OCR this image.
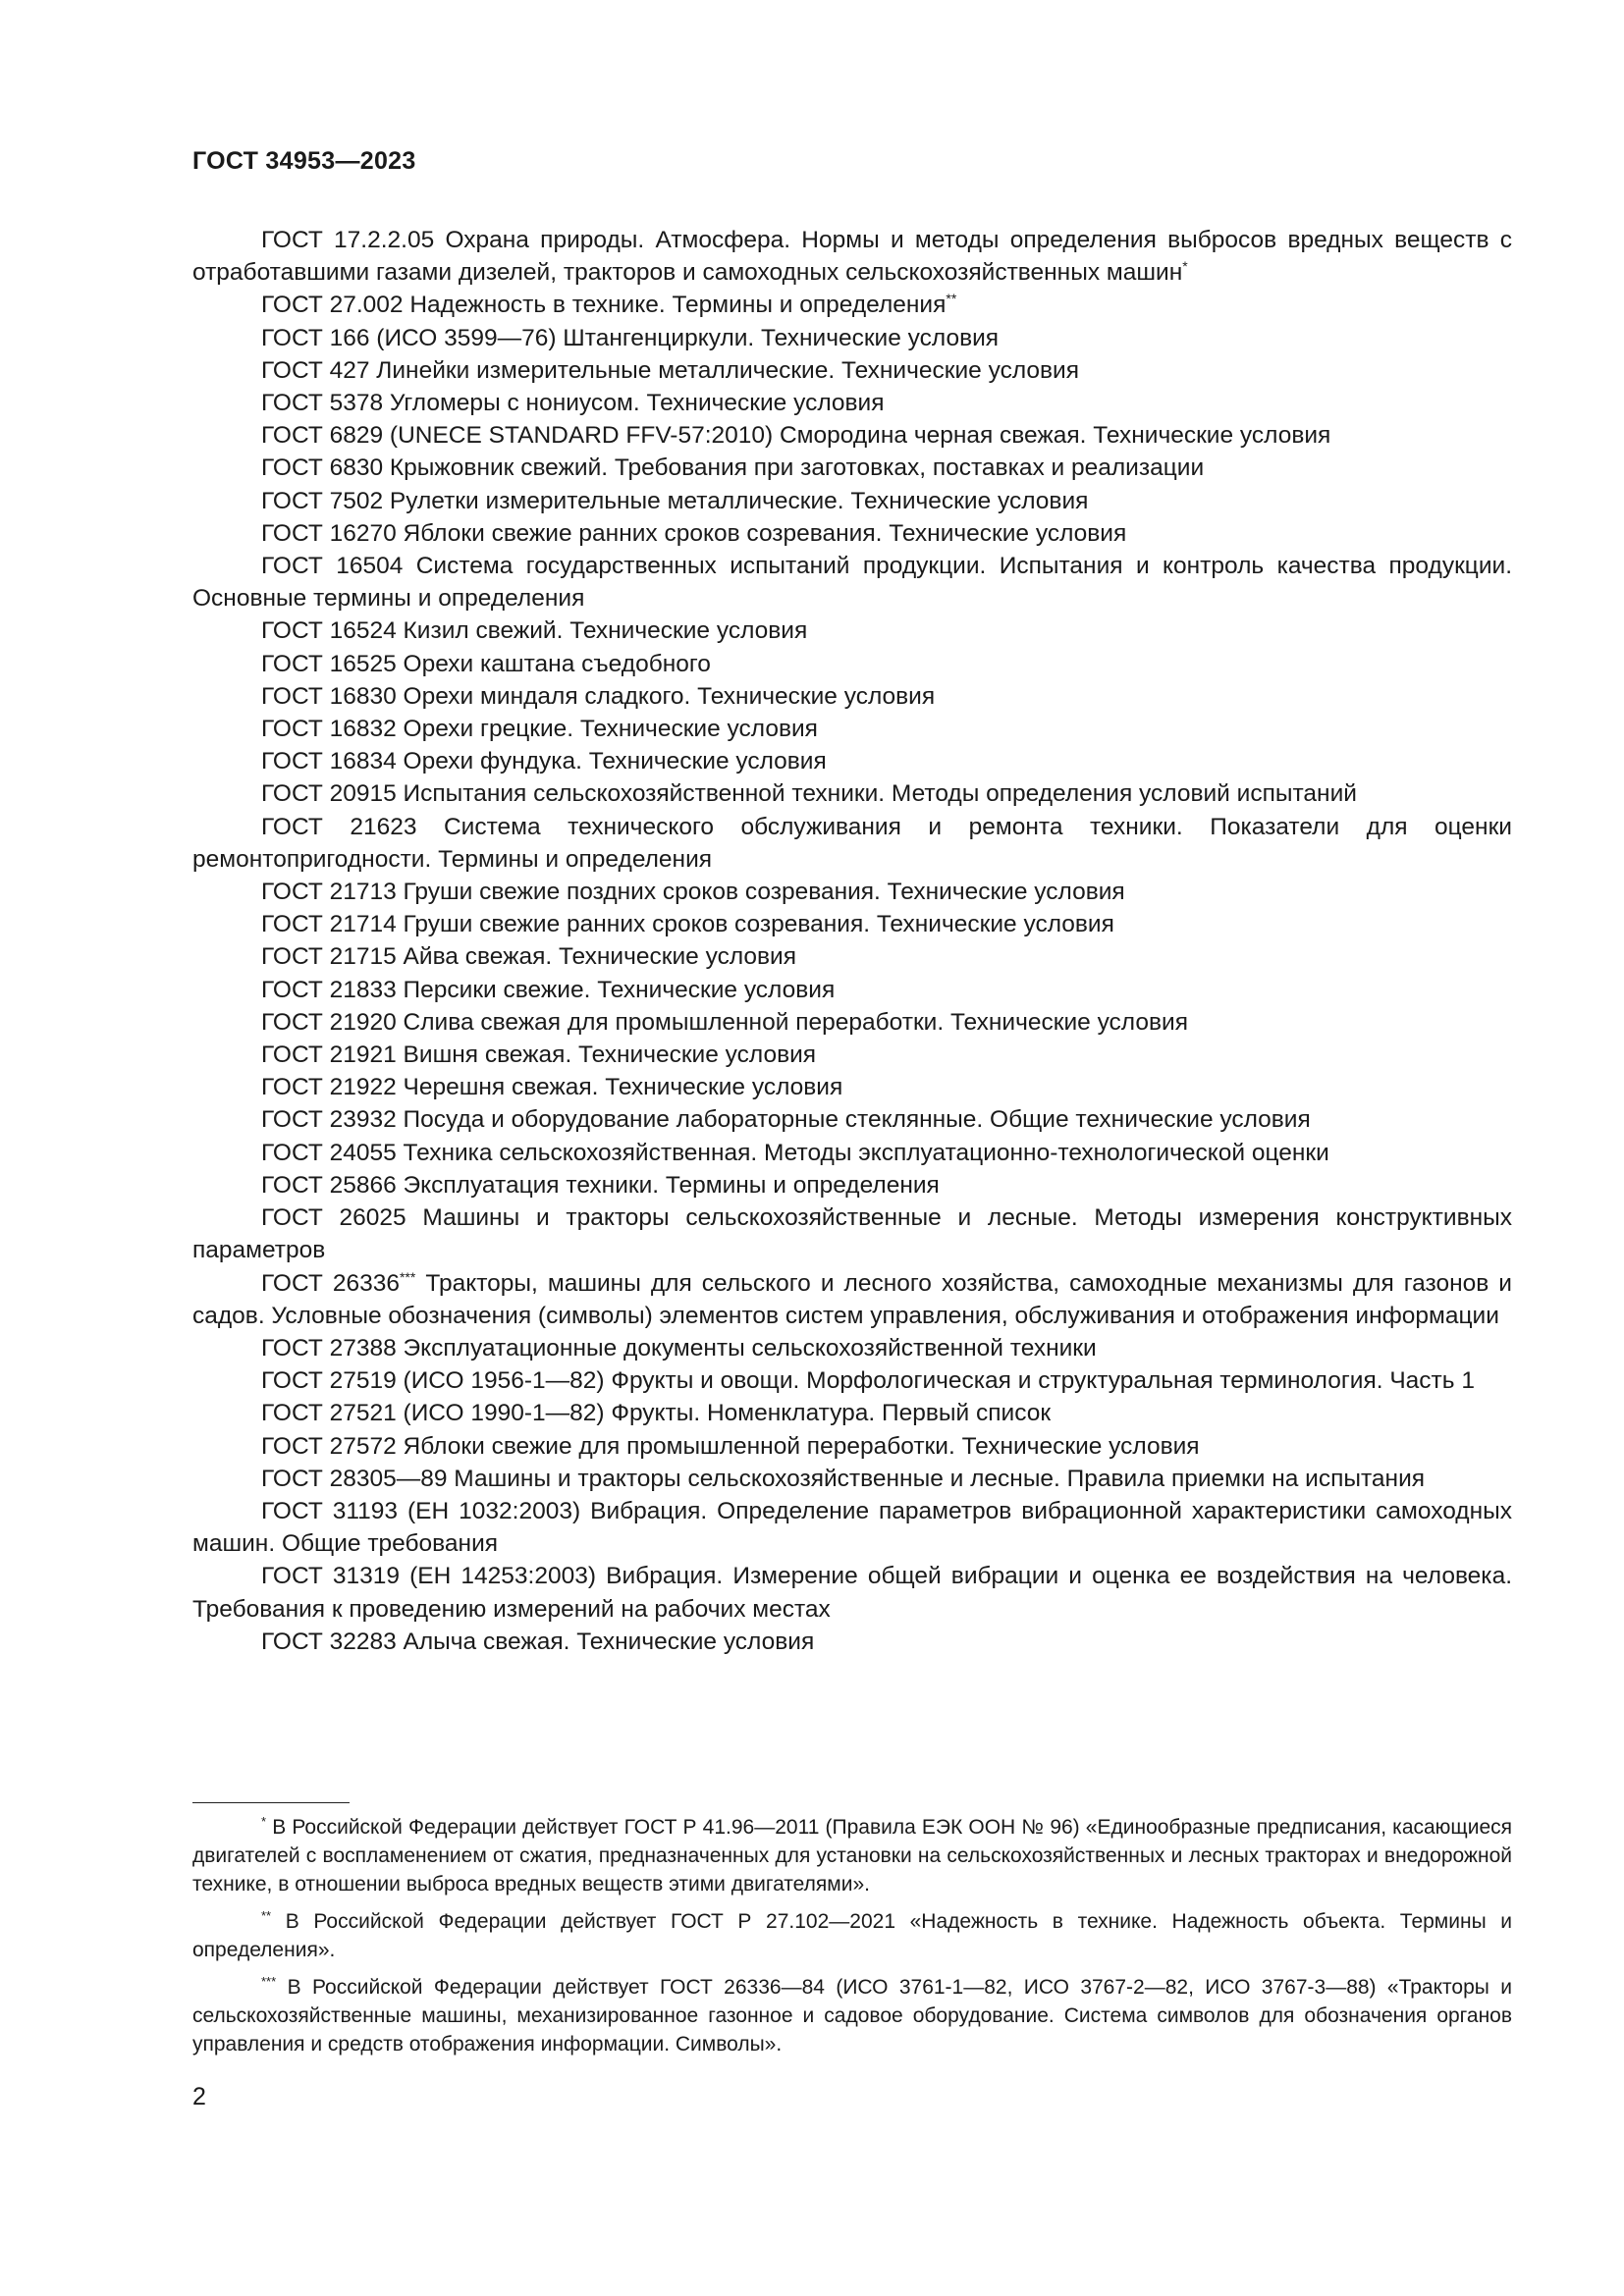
ГОСТ 34953—2023

ГОСТ 17.2.2.05 Охрана природы. Атмосфера. Нормы и методы определения выбросов вредных веществ с отработавшими газами дизелей, тракторов и самоходных сельскохозяйственных машин*

ГОСТ 27.002 Надежность в технике. Термины и определения**

ГОСТ 166 (ИСО 3599—76) Штангенциркули. Технические условия

ГОСТ 427 Линейки измерительные металлические. Технические условия

ГОСТ 5378 Угломеры с нониусом. Технические условия

ГОСТ 6829 (UNECE STANDARD FFV-57:2010) Смородина черная свежая. Технические условия

ГОСТ 6830 Крыжовник свежий. Требования при заготовках, поставках и реализации

ГОСТ 7502 Рулетки измерительные металлические. Технические условия

ГОСТ 16270 Яблоки свежие ранних сроков созревания. Технические условия

ГОСТ 16504 Система государственных испытаний продукции. Испытания и контроль качества продукции. Основные термины и определения

ГОСТ 16524 Кизил свежий. Технические условия

ГОСТ 16525 Орехи каштана съедобного

ГОСТ 16830 Орехи миндаля сладкого. Технические условия

ГОСТ 16832 Орехи грецкие. Технические условия

ГОСТ 16834 Орехи фундука. Технические условия

ГОСТ 20915 Испытания сельскохозяйственной техники. Методы определения условий испытаний

ГОСТ 21623 Система технического обслуживания и ремонта техники. Показатели для оценки ремонтопригодности. Термины и определения

ГОСТ 21713 Груши свежие поздних сроков созревания. Технические условия

ГОСТ 21714 Груши свежие ранних сроков созревания. Технические условия

ГОСТ 21715 Айва свежая. Технические условия

ГОСТ 21833 Персики свежие. Технические условия

ГОСТ 21920 Слива свежая для промышленной переработки. Технические условия

ГОСТ 21921 Вишня свежая. Технические условия

ГОСТ 21922 Черешня свежая. Технические условия

ГОСТ 23932 Посуда и оборудование лабораторные стеклянные. Общие технические условия

ГОСТ 24055 Техника сельскохозяйственная. Методы эксплуатационно-технологической оценки

ГОСТ 25866 Эксплуатация техники. Термины и определения

ГОСТ 26025 Машины и тракторы сельскохозяйственные и лесные. Методы измерения конструктивных параметров

ГОСТ 26336*** Тракторы, машины для сельского и лесного хозяйства, самоходные механизмы для газонов и садов. Условные обозначения (символы) элементов систем управления, обслуживания и отображения информации

ГОСТ 27388 Эксплуатационные документы сельскохозяйственной техники

ГОСТ 27519 (ИСО 1956-1—82) Фрукты и овощи. Морфологическая и структуральная терминология. Часть 1

ГОСТ 27521 (ИСО 1990-1—82) Фрукты. Номенклатура. Первый список

ГОСТ 27572 Яблоки свежие для промышленной переработки. Технические условия

ГОСТ 28305—89 Машины и тракторы сельскохозяйственные и лесные. Правила приемки на испытания

ГОСТ 31193 (ЕН 1032:2003) Вибрация. Определение параметров вибрационной характеристики самоходных машин. Общие требования

ГОСТ 31319 (ЕН 14253:2003) Вибрация. Измерение общей вибрации и оценка ее воздействия на человека. Требования к проведению измерений на рабочих местах

ГОСТ 32283 Алыча свежая. Технические условия

* В Российской Федерации действует ГОСТ Р 41.96—2011 (Правила ЕЭК ООН № 96) «Единообразные предписания, касающиеся двигателей с воспламенением от сжатия, предназначенных для установки на сельскохозяйственных и лесных тракторах и внедорожной технике, в отношении выброса вредных веществ этими двигателями».

** В Российской Федерации действует ГОСТ Р 27.102—2021 «Надежность в технике. Надежность объекта. Термины и определения».

*** В Российской Федерации действует ГОСТ 26336—84 (ИСО 3761-1—82, ИСО 3767-2—82, ИСО 3767-3—88) «Тракторы и сельскохозяйственные машины, механизированное газонное и садовое оборудование. Система символов для обозначения органов управления и средств отображения информации. Символы».

2
